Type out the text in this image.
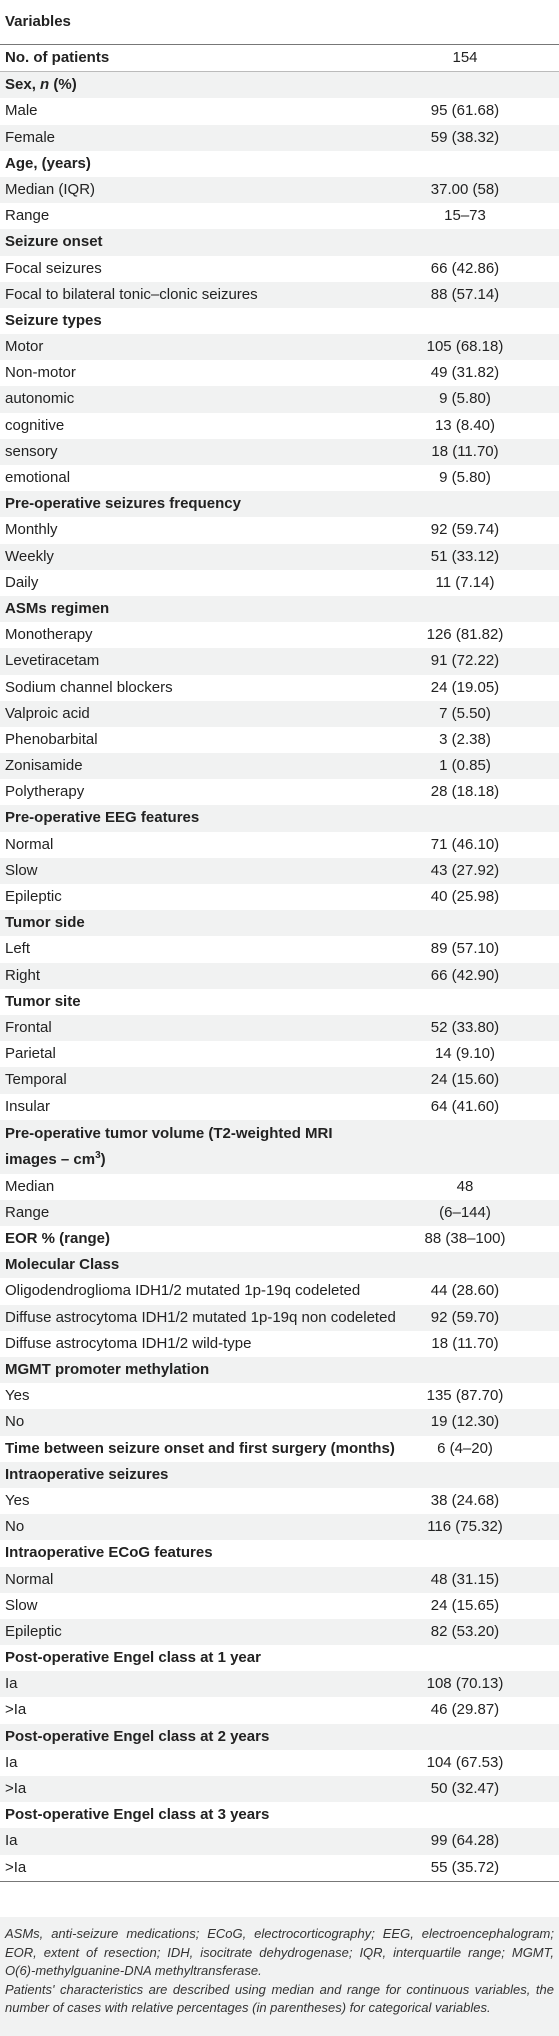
Variables
No. of patients	154
Sex, n (%)
Male	95 (61.68)
Female	59 (38.32)
Age, (years)
Median (IQR)	37.00 (58)
Range	15–73
Seizure onset
Focal seizures	66 (42.86)
Focal to bilateral tonic–clonic seizures	88 (57.14)
Seizure types
Motor	105 (68.18)
Non-motor	49 (31.82)
autonomic	9 (5.80)
cognitive	13 (8.40)
sensory	18 (11.70)
emotional	9 (5.80)
Pre-operative seizures frequency
Monthly	92 (59.74)
Weekly	51 (33.12)
Daily	11 (7.14)
ASMs regimen
Monotherapy	126 (81.82)
Levetiracetam	91 (72.22)
Sodium channel blockers	24 (19.05)
Valproic acid	7 (5.50)
Phenobarbital	3 (2.38)
Zonisamide	1 (0.85)
Polytherapy	28 (18.18)
Pre-operative EEG features
Normal	71 (46.10)
Slow	43 (27.92)
Epileptic	40 (25.98)
Tumor side
Left	89 (57.10)
Right	66 (42.90)
Tumor site
Frontal	52 (33.80)
Parietal	14 (9.10)
Temporal	24 (15.60)
Insular	64 (41.60)
Pre-operative tumor volume (T2-weighted MRI
images – $cm^3$)
Median	48
Range	(6–144)
EOR % (range)	88 (38–100)
Molecular Class
Oligodendroglioma IDH1/2 mutated 1p-19q codeleted	44 (28.60)
Diffuse astrocytoma IDH1/2 mutated 1p-19q non codeleted	92 (59.70)
Diffuse astrocytoma IDH1/2 wild-type	18 (11.70)
MGMT promoter methylation
Yes	135 (87.70)
No	19 (12.30)
Time between seizure onset and first surgery (months)	6 (4–20)
Intraoperative seizures
Yes	38 (24.68)
No	116 (75.32)
Intraoperative ECoG features
Normal	48 (31.15)
Slow	24 (15.65)
Epileptic	82 (53.20)
Post-operative Engel class at 1 year
Ia	108 (70.13)
>Ia	46 (29.87)
Post-operative Engel class at 2 years
Ia	104 (67.53)
>Ia	50 (32.47)
Post-operative Engel class at 3 years
Ia	99 (64.28)
>Ia	55 (35.72)

ASMs, anti-seizure medications; ECoG, electrocorticography; EEG, electroencephalogram; EOR, extent of resection; IDH, isocitrate dehydrogenase; IQR, interquartile range; MGMT, O(6)-methylguanine-DNA methyltransferase.

Patients' characteristics are described using median and range for continuous variables, the number of cases with relative percentages (in parentheses) for categorical variables.
